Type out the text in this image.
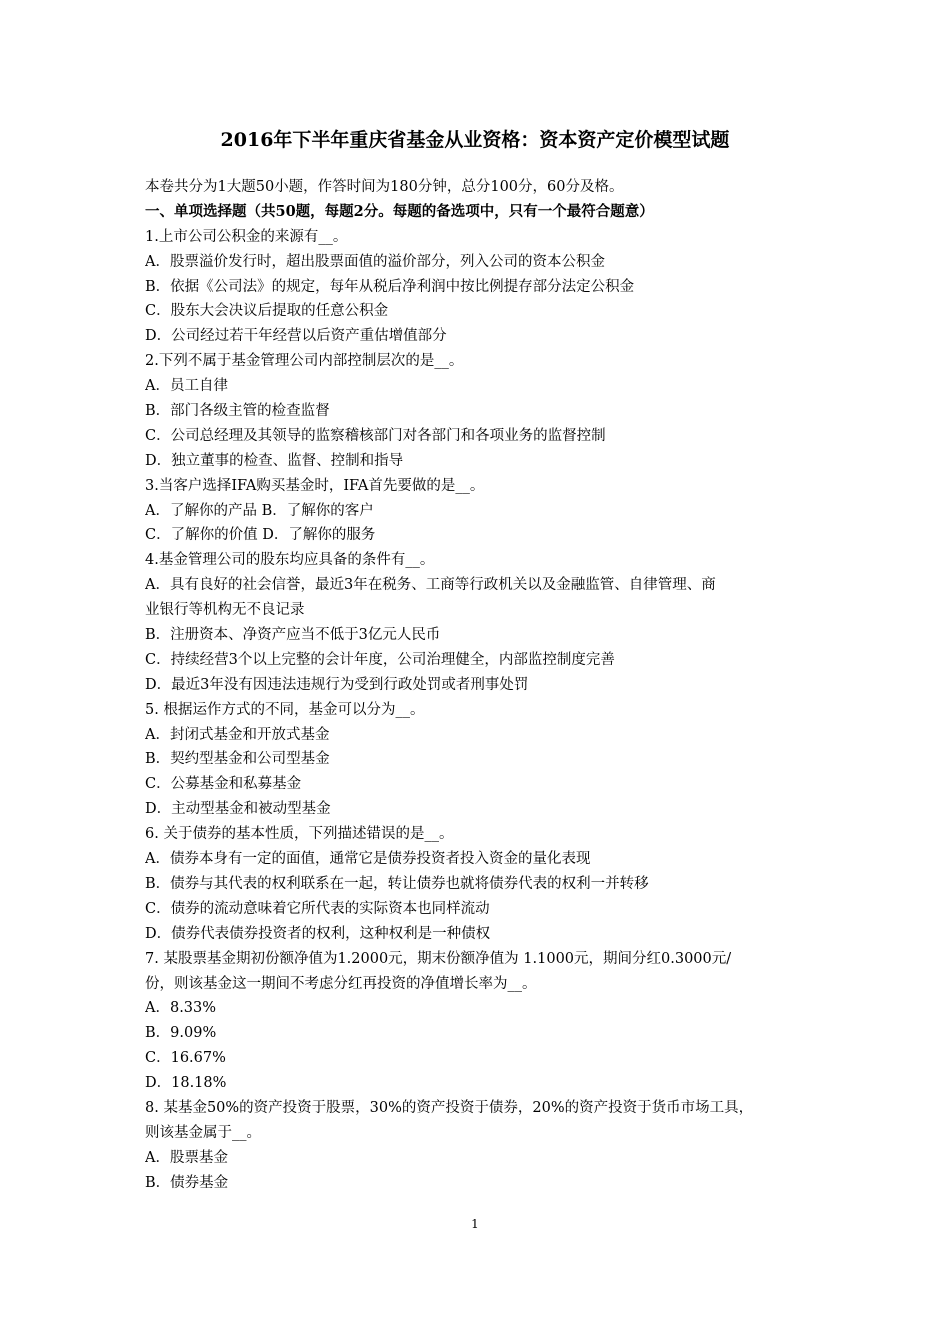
2016年下半年重庆省基金从业资格：资本资产定价模型试题
本卷共分为1大题50小题，作答时间为180分钟，总分100分，60分及格。
一、单项选择题（共50题，每题2分。每题的备选项中，只有一个最符合题意）
1.上市公司公积金的来源有__。
A．股票溢价发行时，超出股票面值的溢价部分，列入公司的资本公积金
B．依据《公司法》的规定，每年从税后净利润中按比例提存部分法定公积金
C．股东大会决议后提取的任意公积金
D．公司经过若干年经营以后资产重估增值部分
2.下列不属于基金管理公司内部控制层次的是__。
A．员工自律
B．部门各级主管的检查监督
C．公司总经理及其领导的监察稽核部门对各部门和各项业务的监督控制
D．独立董事的检查、监督、控制和指导
3.当客户选择IFA购买基金时，IFA首先要做的是__。
A．了解你的产品 B．了解你的客户
C．了解你的价值 D．了解你的服务
4.基金管理公司的股东均应具备的条件有__。
A．具有良好的社会信誉，最近3年在税务、工商等行政机关以及金融监管、自律管理、商
业银行等机构无不良记录
B．注册资本、净资产应当不低于3亿元人民币
C．持续经营3个以上完整的会计年度，公司治理健全，内部监控制度完善
D．最近3年没有因违法违规行为受到行政处罚或者刑事处罚
5. 根据运作方式的不同，基金可以分为__。
A．封闭式基金和开放式基金
B．契约型基金和公司型基金
C．公募基金和私募基金
D．主动型基金和被动型基金
6. 关于债券的基本性质，下列描述错误的是__。
A．债券本身有一定的面值，通常它是债券投资者投入资金的量化表现
B．债券与其代表的权利联系在一起，转让债券也就将债券代表的权利一并转移
C．债券的流动意味着它所代表的实际资本也同样流动
D．债券代表债券投资者的权利，这种权利是一种债权
7. 某股票基金期初份额净值为1.2000元，期末份额净值为 1.1000元，期间分红0.3000元/
份，则该基金这一期间不考虑分红再投资的净值增长率为__。
A．8.33%
B．9.09%
C．16.67%
D．18.18%
8. 某基金50%的资产投资于股票，30%的资产投资于债券，20%的资产投资于货币市场工具，
则该基金属于__。
A．股票基金
B．债券基金
1
